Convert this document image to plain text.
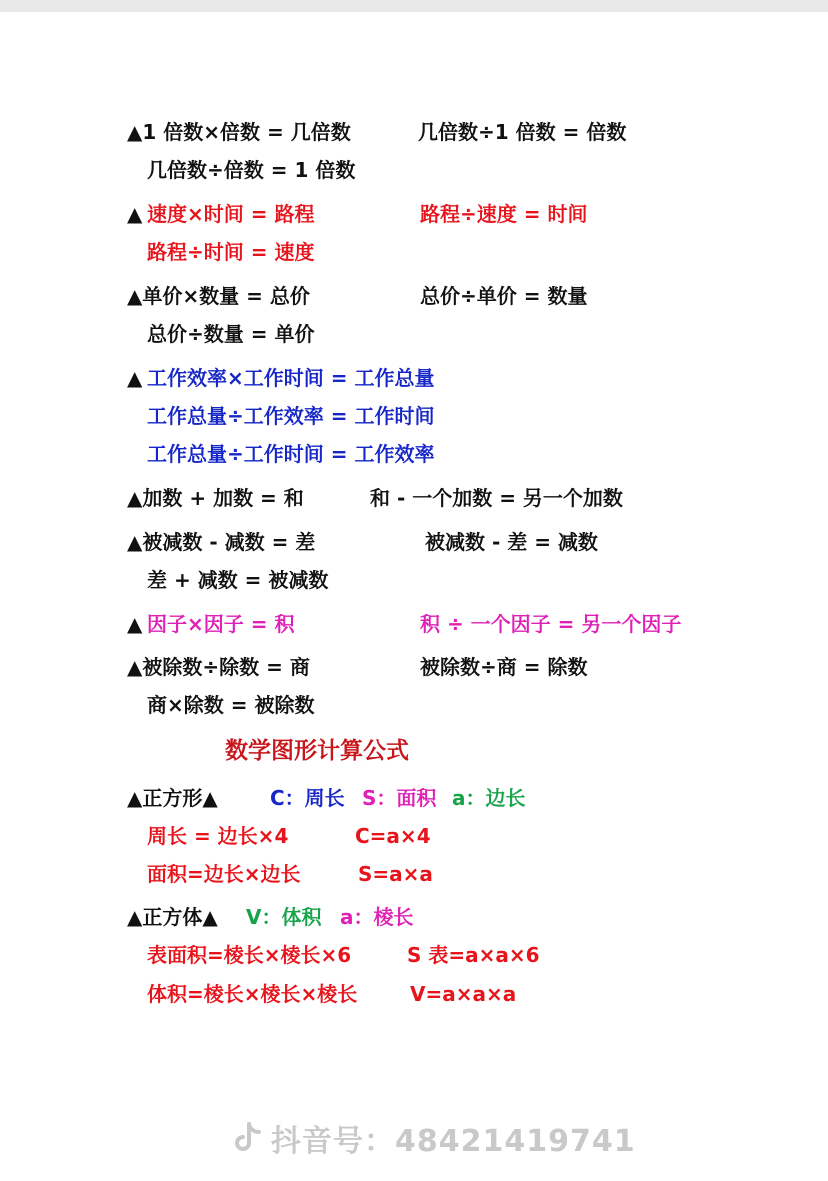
▲1 倍数×倍数 = 几倍数	几倍数÷1 倍数 = 倍数
几倍数÷倍数 = 1 倍数
▲ 速度×时间 = 路程	路程÷速度 = 时间
路程÷时间 = 速度
▲单价×数量 = 总价	总价÷单价 = 数量
总价÷数量 = 单价
▲ 工作效率×工作时间 = 工作总量
工作总量÷工作效率 = 工作时间
工作总量÷工作时间 = 工作效率
▲加数 + 加数 = 和	和 - 一个加数 = 另一个加数
▲被减数 - 减数 = 差	被减数 - 差 = 减数
差 + 减数 = 被减数
▲ 因子×因子 = 积	积 ÷ 一个因子 = 另一个因子
▲被除数÷除数 = 商	被除数÷商 = 除数
商×除数 = 被除数
数学图形计算公式
▲正方形▲	C：周长 S：面积 a：边长
周长 = 边长×4	C=a×4
面积=边长×边长	S=a×a
▲正方体▲ V：体积 a：棱长
表面积=棱长×棱长×6	S 表=a×a×6
体积=棱长×棱长×棱长	V=a×a×a
抖音号：48421419741
